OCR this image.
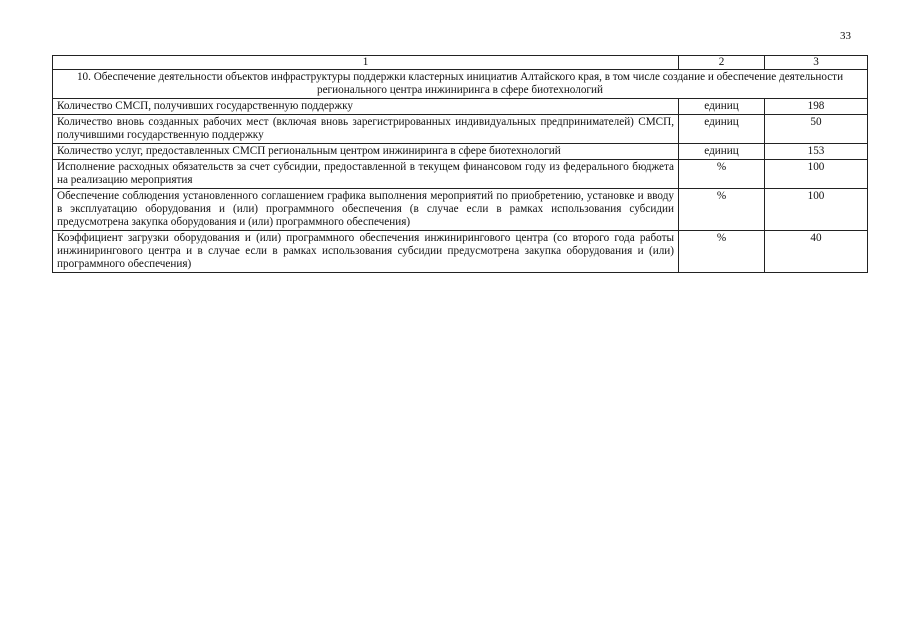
33
1	2	3
10. Обеспечение деятельности объектов инфраструктуры поддержки кластерных инициатив Алтайского края, в том числе создание и обеспечение деятельности регионального центра инжиниринга в сфере биотехнологий		
Количество СМСП, получивших государственную поддержку	единиц	198
Количество вновь созданных рабочих мест (включая вновь зарегистрированных индивидуальных предпринимателей) СМСП, получившими государственную поддержку	единиц	50
Количество услуг, предоставленных СМСП региональным центром инжиниринга в сфере биотехнологий	единиц	153
Исполнение расходных обязательств за счет субсидии, предоставленной в текущем финансовом году из федерального бюджета на реализацию мероприятия	%	100
Обеспечение соблюдения установленного соглашением графика выполнения мероприятий по приобретению, установке и вводу в эксплуатацию оборудования и (или) программного обеспечения (в случае если в рамках использования субсидии предусмотрена закупка оборудования и (или) программного обеспечения)	%	100
Коэффициент загрузки оборудования и (или) программного обеспечения инжинирингового центра (со второго года работы инжинирингового центра и в случае если в рамках использования субсидии предусмотрена закупка оборудования и (или) программного обеспечения)	%	40
